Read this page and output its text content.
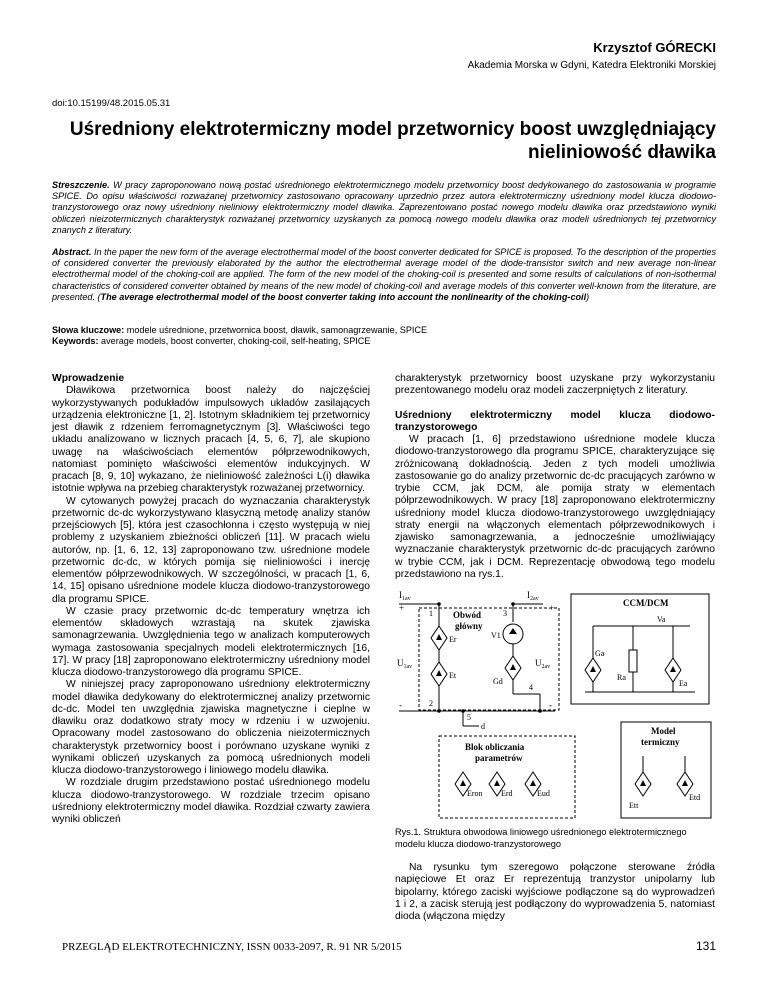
Krzysztof GÓRECKI
Akademia Morska w Gdyni, Katedra Elektroniki Morskiej
doi:10.15199/48.2015.05.31
Uśredniony elektrotermiczny model przetwornicy boost uwzględniający nieliniowość dławika
Streszczenie. W pracy zaproponowano nową postać uśrednionego elektrotermicznego modelu przetwornicy boost dedykowanego do zastosowania w programie SPICE. Do opisu właściwości rozważanej przetwornicy zastosowano opracowany uprzednio przez autora elektrotermiczny uśredniony model klucza diodowo-tranzystorowego oraz nowy uśredniony nieliniowy elektrotermiczny model dławika. Zaprezentowano postać nowego modelu dławika oraz przedstawiono wyniki obliczeń nieizotermicznych charakterystyk rozważanej przetwornicy uzyskanych za pomocą nowego modelu dławika oraz modeli uśrednionych tej przetwornicy znanych z literatury.
Abstract. In the paper the new form of the average electrothermal model of the boost converter dedicated for SPICE is proposed. To the description of the properties of considered converter the previously elaborated by the author the electrothermal average model of the diode-transistor switch and new average non-linear electrothermal model of the choking-coil are applied. The form of the new model of the choking-coil is presented and some results of calculations of non-isothermal characteristics of considered converter obtained by means of the new model of choking-coil and average models of this converter well-known from the literature, are presented. (The average electrothermal model of the boost converter taking into account the nonlinearity of the choking-coil)
Słowa kluczowe: modele uśrednione, przetwornica boost, dławik, samonagrzewanie, SPICE
Keywords: average models, boost converter, choking-coil, self-heating, SPICE

Wprowadzenie

Dławikowa przetwornica boost należy do najczęściej wykorzystywanych podukładów impulsowych układów zasilających urządzenia elektroniczne [1, 2]. Istotnym składnikiem tej przetwornicy jest dławik z rdzeniem ferromagnetycznym [3]. Właściwości tego układu analizowano w licznych pracach [4, 5, 6, 7], ale skupiono uwagę na właściwościach elementów półprzewodnikowych, natomiast pominięto właściwości elementów indukcyjnych. W pracach [8, 9, 10] wykazano, że nieliniowość zależności L(i) dławika istotnie wpływa na przebieg charakterystyk rozważanej przetwornicy.

W cytowanych powyżej pracach do wyznaczania charakterystyk przetwornic dc-dc wykorzystywano klasyczną metodę analizy stanów przejściowych [5], która jest czasochłonna i często występują w niej problemy z uzyskaniem zbieżności obliczeń [11]. W pracach wielu autorów, np. [1, 6, 12, 13] zaproponowano tzw. uśrednione modele przetwornic dc-dc, w których pomija się nieliniowości i inercję elementów półprzewodnikowych. W szczególności, w pracach [1, 6, 14, 15] opisano uśrednione modele klucza diodowo-tranzystorowego dla programu SPICE.

W czasie pracy przetwornic dc-dc temperatury wnętrza ich elementów składowych wzrastają na skutek zjawiska samonagrzewania. Uwzględnienia tego w analizach komputerowych wymaga zastosowania specjalnych modeli elektrotermicznych [16, 17]. W pracy [18] zaproponowano elektrotermiczny uśredniony model klucza diodowo-tranzystorowego dla programu SPICE.

W niniejszej pracy zaproponowano uśredniony elektrotermiczny model dławika dedykowany do elektrotermicznej analizy przetwornic dc-dc. Model ten uwzględnia zjawiska magnetyczne i cieplne w dławiku oraz dodatkowo straty mocy w rdzeniu i w uzwojeniu. Opracowany model zastosowano do obliczenia nieizotermicznych charakterystyk przetwornicy boost i porównano uzyskane wyniki z wynikami obliczeń uzyskanych za pomocą uśrednionych modeli klucza diodowo-tranzystorowego i liniowego modelu dławika.

W rozdziale drugim przedstawiono postać uśrednionego modelu klucza diodowo-tranzystorowego. W rozdziale trzecim opisano uśredniony elektrotermiczny model dławika. Rozdział czwarty zawiera wyniki obliczeń

charakterystyk przetwornicy boost uzyskane przy wykorzystaniu prezentowanego modelu oraz modeli zaczerpniętych z literatury.

Uśredniony elektrotermiczny model klucza diodowo-tranzystorowego

W pracach [1, 6] przedstawiono uśrednione modele klucza diodowo-tranzystorowego dla programu SPICE, charakteryzujące się zróżnicowaną dokładnością. Jeden z tych modeli umożliwia zastosowanie go do analizy przetwornic dc-dc pracujących zarówno w trybie CCM, jak DCM, ale pomija straty w elementach półprzewodnikowych. W pracy [18] zaproponowano elektrotermiczny uśredniony model klucza diodowo-tranzystorowego uwzględniający straty energii na włączonych elementach półprzewodnikowych i zjawisko samonagrzewania, a jednocześnie umożliwiający wyznaczanie charakterystyk przetwornic dc-dc pracujących zarówno w trybie CCM, jak i DCM. Reprezentację obwodową tego modelu przedstawiono na rys.1.

$I_{1av}$	$I_{2av}$
$U_{1av}$	$U_{2av}$
+	+
-	-
1
2
3
4
5
d
Obwód
główny
CCM/DCM
Er
Et
V1
Gd
Ga
Va
Ra
Ea
Blok obliczania
parametrów
Eron Erd	Eud
Model
termiczny
Ett
Etd

Rys.1. Struktura obwodowa liniowego uśrednionego elektrotermicznego modelu klucza diodowo-tranzystorowego

Na rysunku tym szeregowo połączone sterowane źródła napięciowe Et oraz Er reprezentują tranzystor unipolarny lub bipolarny, którego zaciski wyjściowe podłączone są do wyprowadzeń 1 i 2, a zacisk sterują jest podłączony do wyprowadzenia 5, natomiast dioda (włączona między

PRZEGLĄD ELEKTROTECHNICZNY, ISSN 0033-2097, R. 91 NR 5/2015	131
